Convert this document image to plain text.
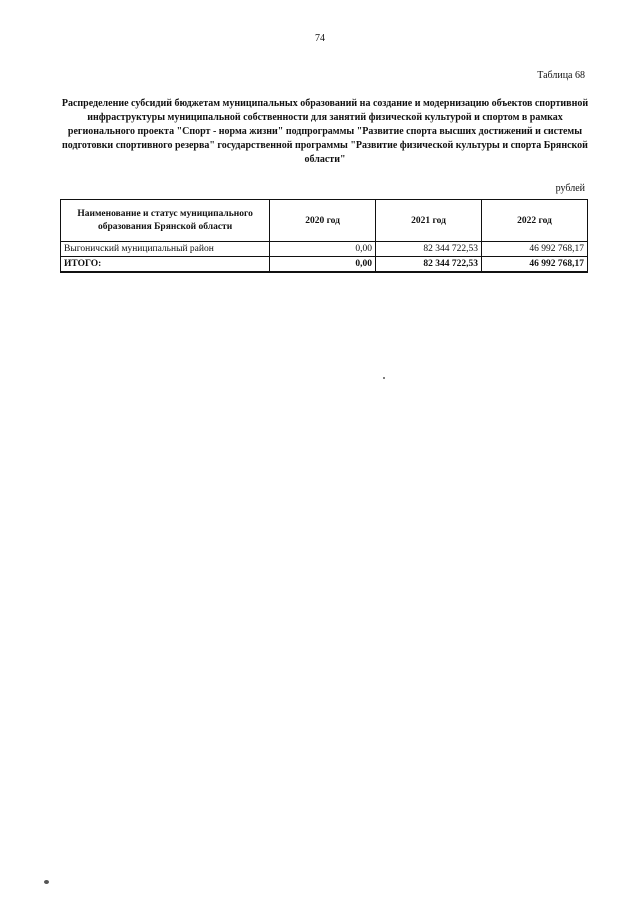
74
Таблица 68
Распределение субсидий бюджетам муниципальных образований на создание и модернизацию объектов спортивной инфраструктуры муниципальной собственности для занятий физической культурой и спортом в рамках регионального проекта "Спорт - норма жизни" подпрограммы "Развитие спорта высших достижений и системы подготовки спортивного резерва" государственной программы "Развитие физической культуры и спорта Брянской области"
рублей
Наименование и статус муниципального образования Брянской области	2020 год	2021 год	2022 год
Выгоничский муниципальный район	0,00	82 344 722,53	46 992 768,17
ИТОГО:	0,00	82 344 722,53	46 992 768,17
